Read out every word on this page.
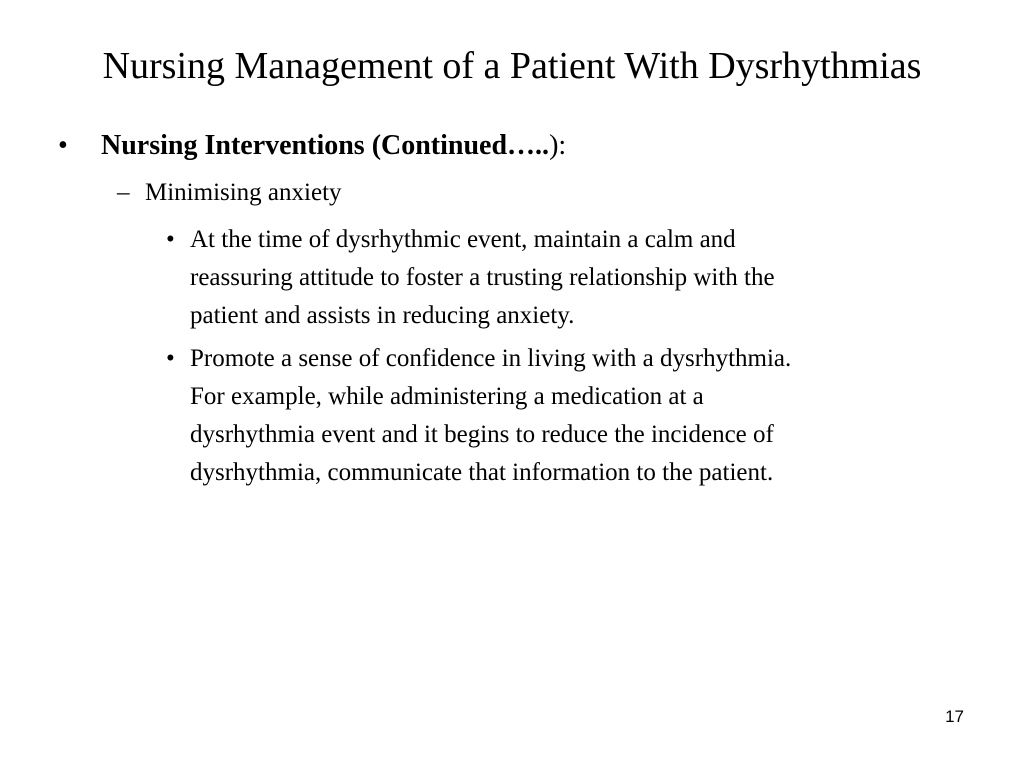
Nursing Management of a Patient With Dysrhythmias
•	Nursing Interventions (Continued…..):
– Minimising anxiety
• At the time of dysrhythmic event, maintain a calm and
reassuring attitude to foster a trusting relationship with the
patient and assists in reducing anxiety.
• Promote a sense of confidence in living with a dysrhythmia.
For example, while administering a medication at a
dysrhythmia event and it begins to reduce the incidence of
dysrhythmia, communicate that information to the patient.
17
